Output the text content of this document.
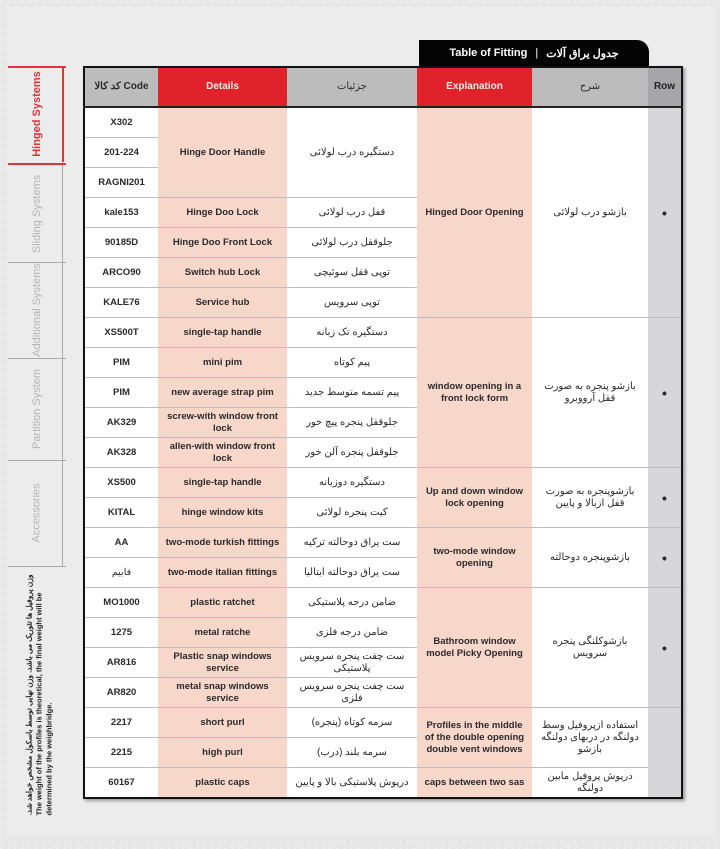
Hinged Systems
Sliding Systems
Additional Systems
Partition System
Accessories
وزن پروفیل ها تئوریک می باشد. وزن نهایی توسط باسکول مشخص خواهد شد. The weight of the profiles is theoretical, the final weight will be determined by the weighbridge.
Table of Fitting | جدول یراق آلات
کد کالا Code	Details	جزئیات	Explanation	شرح	Row
X302	Hinge Door Handle	دستگیره درب لولائی	Hinged Door Opening	بازشو درب لولائی	•
201-224					
RAGNI201					
kale153	Hinge Doo Lock	قفل درب لولائی			
90185D	Hinge Doo Front Lock	جلوقفل درب لولائی			
ARCO90	Switch hub Lock	توپی قفل سوئیچی			
KALE76	Service hub	توپی سرویس			
XS500T	single-tap handle	دستگیره تک زبانه	window opening in a front lock form	بازشو پنجره به صورت قفل آرووبرو	•
PIM	mini pim	پیم کوتاه			
PIM	new average strap pim	پیم تسمه متوسط جدید			
AK329	screw-with window front lock	جلوقفل پنجره پیچ خور			
AK328	allen-with window front lock	جلوقفل پنجره آلن خور			
XS500	single-tap handle	دستگیره دوزبانه	Up and down window lock opening	بازشوپنجره به صورت قفل ازبالا و پایین	•
KITAL	hinge window kits	کیت پنجره لولائی			
AA	two-mode turkish fittings	ست یراق دوحالته ترکیه	two-mode window opening	بازشوپنجره دوحالته	•
فابیم	two-mode italian fittings	ست یراق دوحالته ایتالیا			
MO1000	plastic ratchet	ضامن درجه پلاستیکی	Bathroom window model Picky Opening	بازشوکلنگی پنجره سرویس	•
1275	metal ratche	ضامن درجه فلزی			
AR816	Plastic snap windows service	ست چفت پنجره سرویس پلاستیکی			
AR820	metal snap windows service	ست چفت پنجره سرویس فلزی			
2217	short purl	سرمه کوتاه (پنجره)	Profiles in the middle of the double opening double vent windows	استفاده ازپروفیل وسط دولنگه در دربهای دولنگه بازشو	
2215	high purl	سرمه بلند (درب)			
60167	plastic caps	درپوش پلاستیکی بالا و پایین	caps between two sas	درپوش پروفیل مابین دولنگه	
